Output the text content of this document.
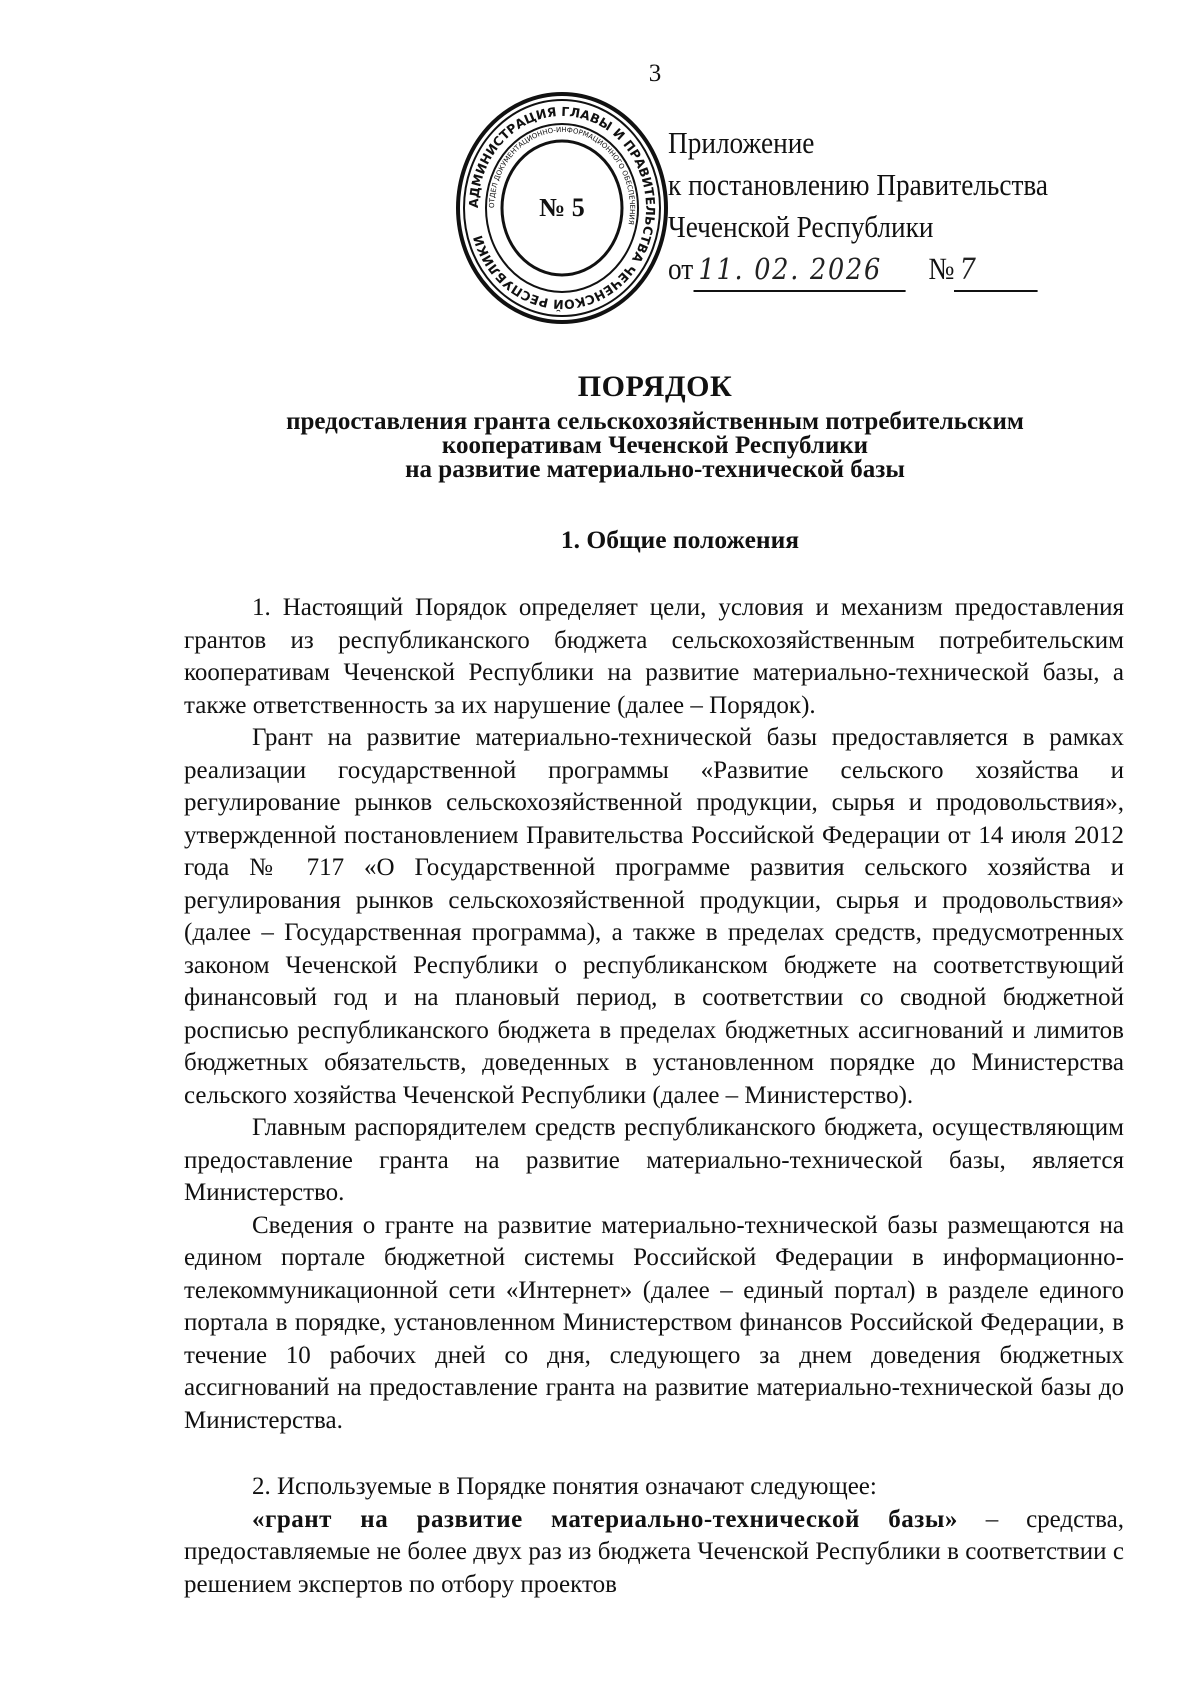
3
АДМИНИСТРАЦИЯ ГЛАВЫ И ПРАВИТЕЛЬСТВА ЧЕЧЕНСКОЙ РЕСПУБЛИКИ
ОТДЕЛ ДОКУМЕНТАЦИОННО-ИНФОРМАЦИОННОГО ОБЕСПЕЧЕНИЯ
№ 5
Приложение
к постановлению Правительства
Чеченской Республики
от 11. 02. 2026	№ 7
ПОРЯДОК
предоставления гранта сельскохозяйственным потребительским
кооперативам Чеченской Республики
на развитие материально-технической базы
1. Общие положения

1. Настоящий Порядок определяет цели, условия и механизм предоставления грантов из республиканского бюджета сельскохозяйственным потребительским кооперативам Чеченской Республики на развитие материально-технической базы, а также ответственность за их нарушение (далее – Порядок).

Грант на развитие материально-технической базы предоставляется в рамках реализации государственной программы «Развитие сельского хозяйства и регулирование рынков сельскохозяйственной продукции, сырья и продовольствия», утвержденной постановлением Правительства Российской Федерации от 14 июля 2012 года № 717 «О Государственной программе развития сельского хозяйства и регулирования рынков сельскохозяйственной продукции, сырья и продовольствия» (далее – Государственная программа), а также в пределах средств, предусмотренных законом Чеченской Республики о республиканском бюджете на соответствующий финансовый год и на плановый период, в соответствии со сводной бюджетной росписью республиканского бюджета в пределах бюджетных ассигнований и лимитов бюджетных обязательств, доведенных в установленном порядке до Министерства сельского хозяйства Чеченской Республики (далее – Министерство).

Главным распорядителем средств республиканского бюджета, осуществляющим предоставление гранта на развитие материально-технической базы, является Министерство.

Сведения о гранте на развитие материально-технической базы размещаются на едином портале бюджетной системы Российской Федерации в информационно-телекоммуникационной сети «Интернет» (далее – единый портал) в разделе единого портала в порядке, установленном Министерством финансов Российской Федерации, в течение 10 рабочих дней со дня, следующего за днем доведения бюджетных ассигнований на предоставление гранта на развитие материально-технической базы до Министерства.

2. Используемые в Порядке понятия означают следующее:

«грант на развитие материально-технической базы» – средства, предоставляемые не более двух раз из бюджета Чеченской Республики в соответствии с решением экспертов по отбору проектов
